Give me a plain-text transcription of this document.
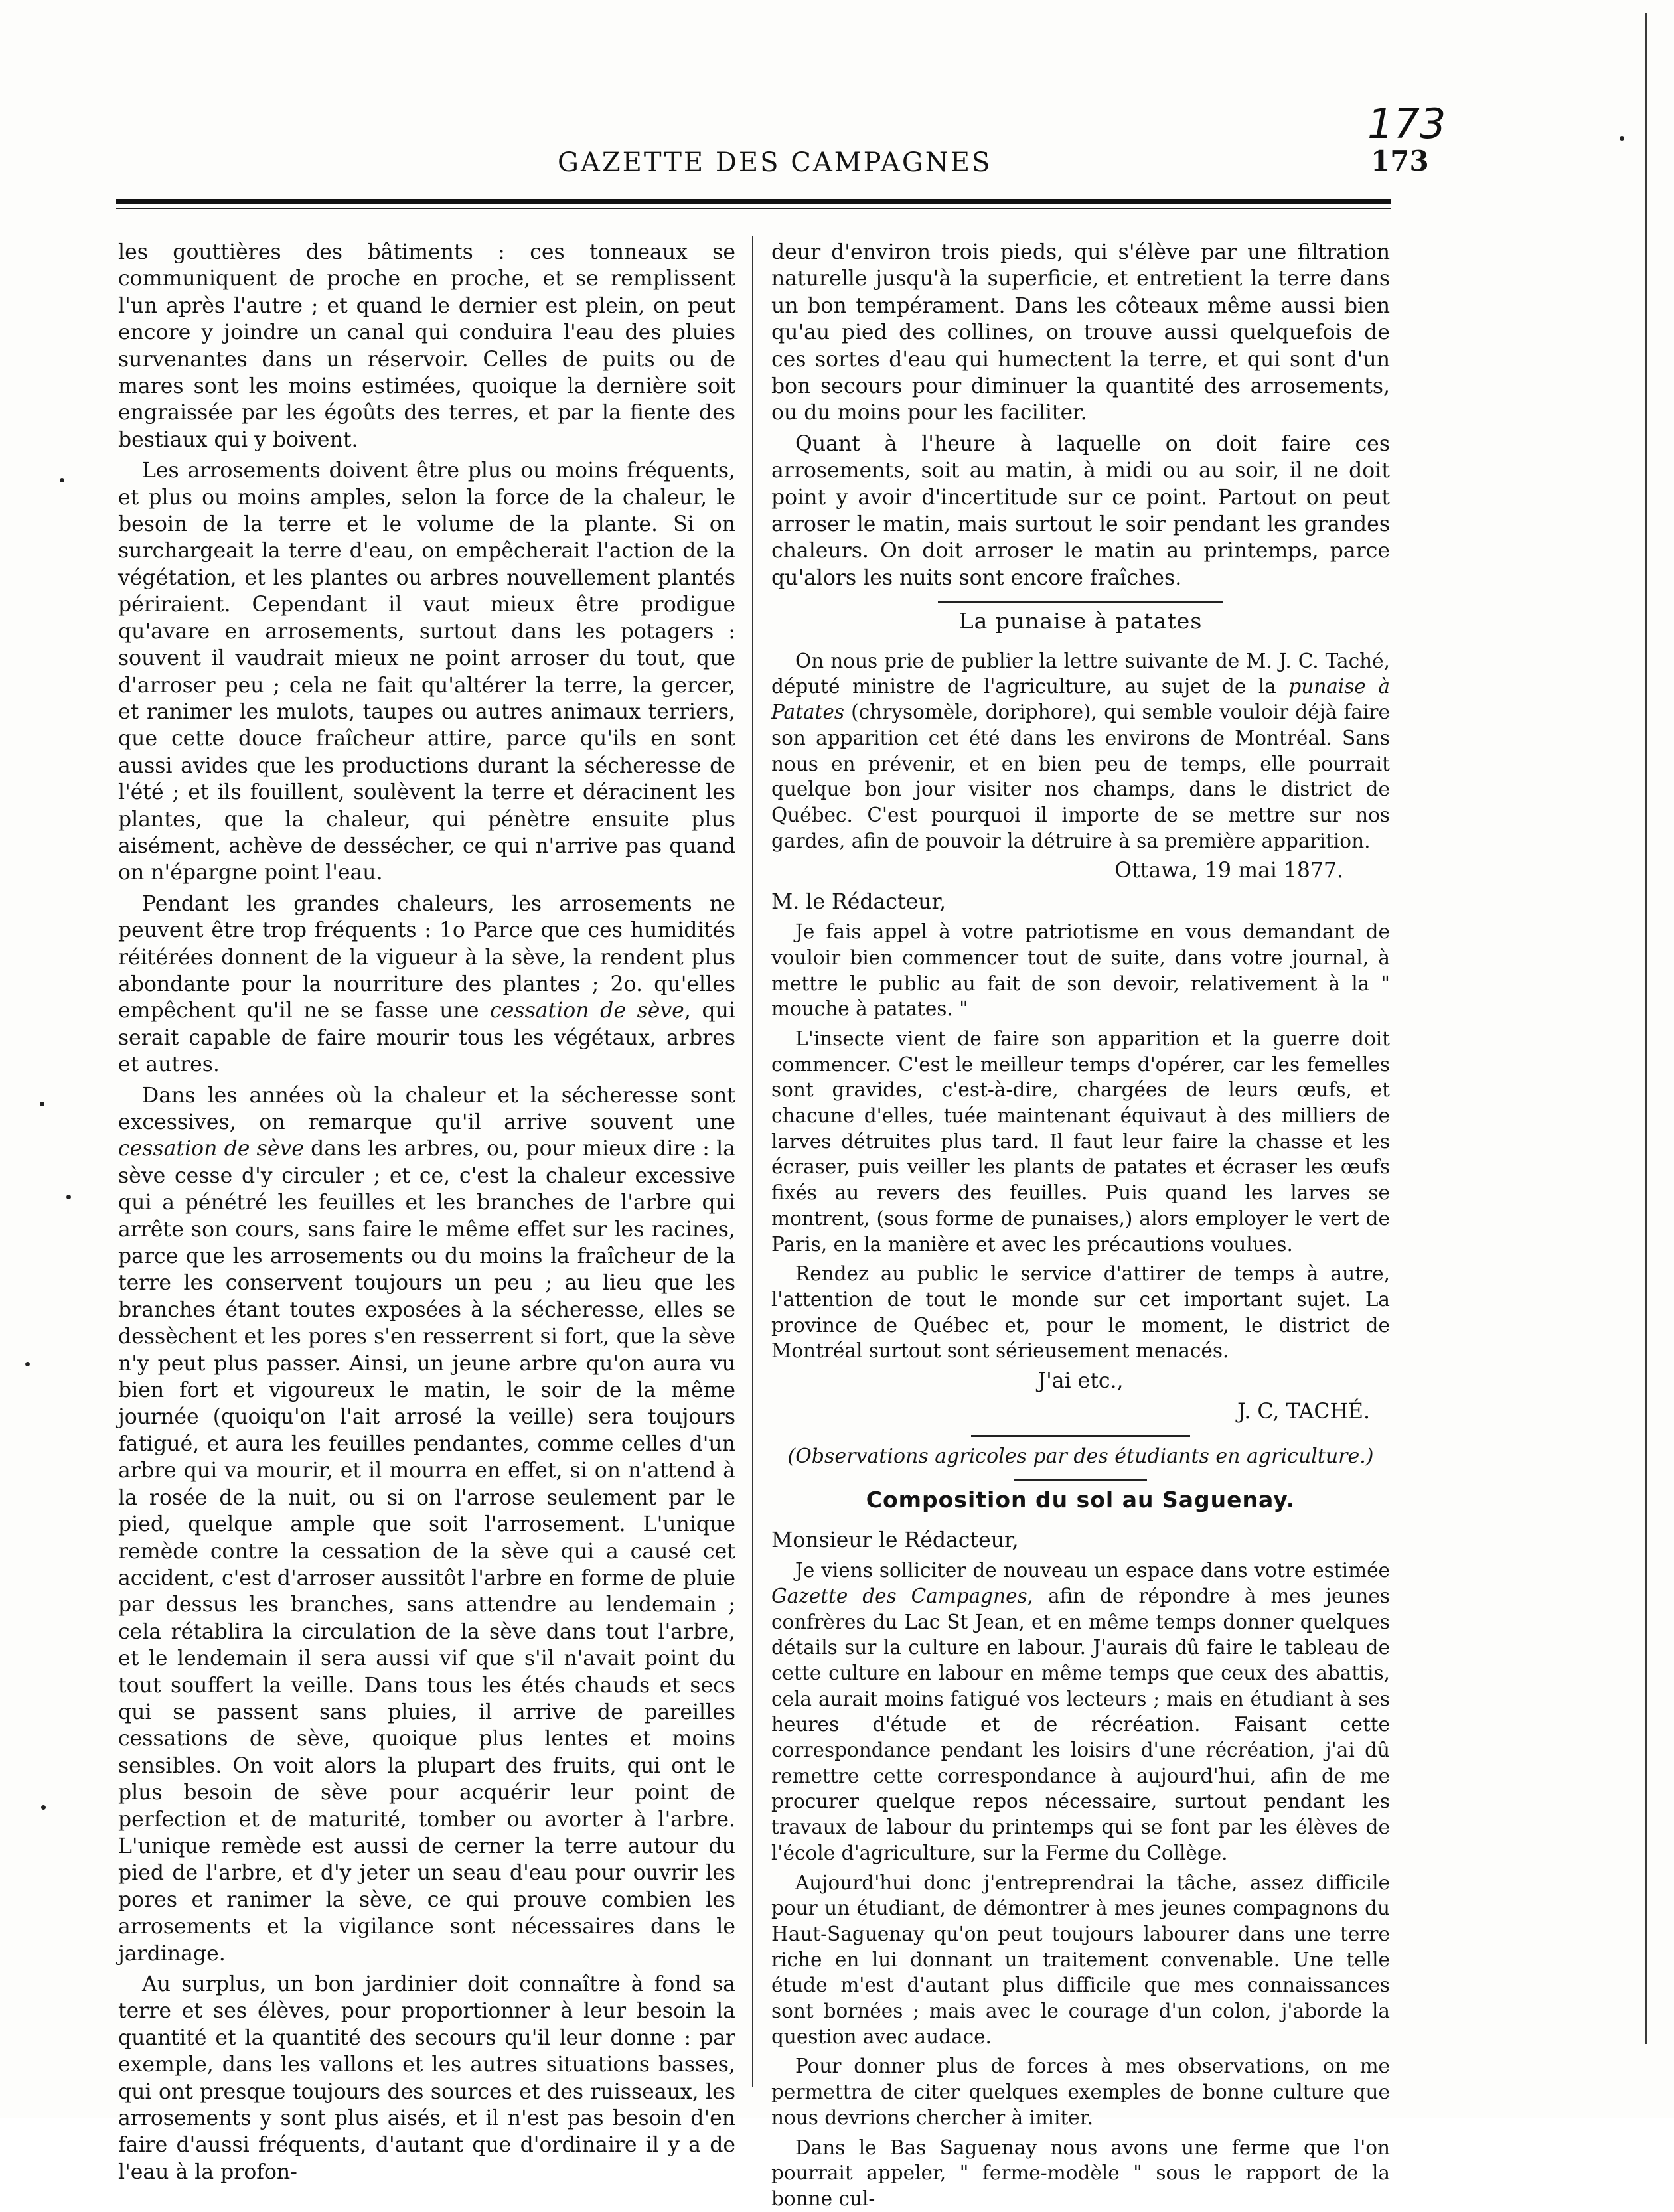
173
GAZETTE DES CAMPAGNES	173

les gouttières des bâtiments : ces tonneaux se communiquent de proche en proche, et se remplissent l'un après l'autre ; et quand le dernier est plein, on peut encore y joindre un canal qui conduira l'eau des pluies survenantes dans un réservoir. Celles de puits ou de mares sont les moins estimées, quoique la dernière soit engraissée par les égoûts des terres, et par la fiente des bestiaux qui y boivent.

Les arrosements doivent être plus ou moins fréquents, et plus ou moins amples, selon la force de la chaleur, le besoin de la terre et le volume de la plante. Si on surchargeait la terre d'eau, on empêcherait l'action de la végétation, et les plantes ou arbres nouvellement plantés périraient. Cependant il vaut mieux être prodigue qu'avare en arrosements, surtout dans les potagers : souvent il vaudrait mieux ne point arroser du tout, que d'arroser peu ; cela ne fait qu'altérer la terre, la gercer, et ranimer les mulots, taupes ou autres animaux terriers, que cette douce fraîcheur attire, parce qu'ils en sont aussi avides que les productions durant la sécheresse de l'été ; et ils fouillent, soulèvent la terre et déracinent les plantes, que la chaleur, qui pénètre ensuite plus aisément, achève de dessécher, ce qui n'arrive pas quand on n'épargne point l'eau.

Pendant les grandes chaleurs, les arrosements ne peuvent être trop fréquents : 1o Parce que ces humidités réitérées donnent de la vigueur à la sève, la rendent plus abondante pour la nourriture des plantes ; 2o. qu'elles empêchent qu'il ne se fasse une cessation de sève, qui serait capable de faire mourir tous les végétaux, arbres et autres.

Dans les années où la chaleur et la sécheresse sont excessives, on remarque qu'il arrive souvent une cessation de sève dans les arbres, ou, pour mieux dire : la sève cesse d'y circuler ; et ce, c'est la chaleur excessive qui a pénétré les feuilles et les branches de l'arbre qui arrête son cours, sans faire le même effet sur les racines, parce que les arrosements ou du moins la fraîcheur de la terre les conservent toujours un peu ; au lieu que les branches étant toutes exposées à la sécheresse, elles se dessèchent et les pores s'en resserrent si fort, que la sève n'y peut plus passer. Ainsi, un jeune arbre qu'on aura vu bien fort et vigoureux le matin, le soir de la même journée (quoiqu'on l'ait arrosé la veille) sera toujours fatigué, et aura les feuilles pendantes, comme celles d'un arbre qui va mourir, et il mourra en effet, si on n'attend à la rosée de la nuit, ou si on l'arrose seulement par le pied, quelque ample que soit l'arrosement. L'unique remède contre la cessation de la sève qui a causé cet accident, c'est d'arroser aussitôt l'arbre en forme de pluie par dessus les branches, sans attendre au lendemain ; cela rétablira la circulation de la sève dans tout l'arbre, et le lendemain il sera aussi vif que s'il n'avait point du tout souffert la veille. Dans tous les étés chauds et secs qui se passent sans pluies, il arrive de pareilles cessations de sève, quoique plus lentes et moins sensibles. On voit alors la plupart des fruits, qui ont le plus besoin de sève pour acquérir leur point de perfection et de maturité, tomber ou avorter à l'arbre. L'unique remède est aussi de cerner la terre autour du pied de l'arbre, et d'y jeter un seau d'eau pour ouvrir les pores et ranimer la sève, ce qui prouve combien les arrosements et la vigilance sont nécessaires dans le jardinage.

Au surplus, un bon jardinier doit connaître à fond sa terre et ses élèves, pour proportionner à leur besoin la quantité et la quantité des secours qu'il leur donne : par exemple, dans les vallons et les autres situations basses, qui ont presque toujours des sources et des ruisseaux, les arrosements y sont plus aisés, et il n'est pas besoin d'en faire d'aussi fréquents, d'autant que d'ordinaire il y a de l'eau à la profon-

deur d'environ trois pieds, qui s'élève par une filtration naturelle jusqu'à la superficie, et entretient la terre dans un bon tempérament. Dans les côteaux même aussi bien qu'au pied des collines, on trouve aussi quelquefois de ces sortes d'eau qui humectent la terre, et qui sont d'un bon secours pour diminuer la quantité des arrosements, ou du moins pour les faciliter.

Quant à l'heure à laquelle on doit faire ces arrosements, soit au matin, à midi ou au soir, il ne doit point y avoir d'incertitude sur ce point. Partout on peut arroser le matin, mais surtout le soir pendant les grandes chaleurs. On doit arroser le matin au printemps, parce qu'alors les nuits sont encore fraîches.

La punaise à patates

On nous prie de publier la lettre suivante de M. J. C. Taché, député ministre de l'agriculture, au sujet de la punaise à Patates (chrysomèle, doriphore), qui semble vouloir déjà faire son apparition cet été dans les environs de Montréal. Sans nous en prévenir, et en bien peu de temps, elle pourrait quelque bon jour visiter nos champs, dans le district de Québec. C'est pourquoi il importe de se mettre sur nos gardes, afin de pouvoir la détruire à sa première apparition.

Ottawa, 19 mai 1877.

M. le Rédacteur,

Je fais appel à votre patriotisme en vous demandant de vouloir bien commencer tout de suite, dans votre journal, à mettre le public au fait de son devoir, relativement à la " mouche à patates. "

L'insecte vient de faire son apparition et la guerre doit commencer. C'est le meilleur temps d'opérer, car les femelles sont gravides, c'est-à-dire, chargées de leurs œufs, et chacune d'elles, tuée maintenant équivaut à des milliers de larves détruites plus tard. Il faut leur faire la chasse et les écraser, puis veiller les plants de patates et écraser les œufs fixés au revers des feuilles. Puis quand les larves se montrent, (sous forme de punaises,) alors employer le vert de Paris, en la manière et avec les précautions voulues.

Rendez au public le service d'attirer de temps à autre, l'attention de tout le monde sur cet important sujet. La province de Québec et, pour le moment, le district de Montréal surtout sont sérieusement menacés.

J'ai etc.,

J. C, TACHÉ.

(Observations agricoles par des étudiants en agriculture.)
Composition du sol au Saguenay.

Monsieur le Rédacteur,

Je viens solliciter de nouveau un espace dans votre estimée Gazette des Campagnes, afin de répondre à mes jeunes confrères du Lac St Jean, et en même temps donner quelques détails sur la culture en labour. J'aurais dû faire le tableau de cette culture en labour en même temps que ceux des abattis, cela aurait moins fatigué vos lecteurs ; mais en étudiant à ses heures d'étude et de récréation. Faisant cette correspondance pendant les loisirs d'une récréation, j'ai dû remettre cette correspondance à aujourd'hui, afin de me procurer quelque repos nécessaire, surtout pendant les travaux de labour du printemps qui se font par les élèves de l'école d'agriculture, sur la Ferme du Collège.

Aujourd'hui donc j'entreprendrai la tâche, assez difficile pour un étudiant, de démontrer à mes jeunes compagnons du Haut-Saguenay qu'on peut toujours labourer dans une terre riche en lui donnant un traitement convenable. Une telle étude m'est d'autant plus difficile que mes connaissances sont bornées ; mais avec le courage d'un colon, j'aborde la question avec audace.

Pour donner plus de forces à mes observations, on me permettra de citer quelques exemples de bonne culture que nous devrions chercher à imiter.

Dans le Bas Saguenay nous avons une ferme que l'on pourrait appeler, " ferme-modèle " sous le rapport de la bonne cul-
